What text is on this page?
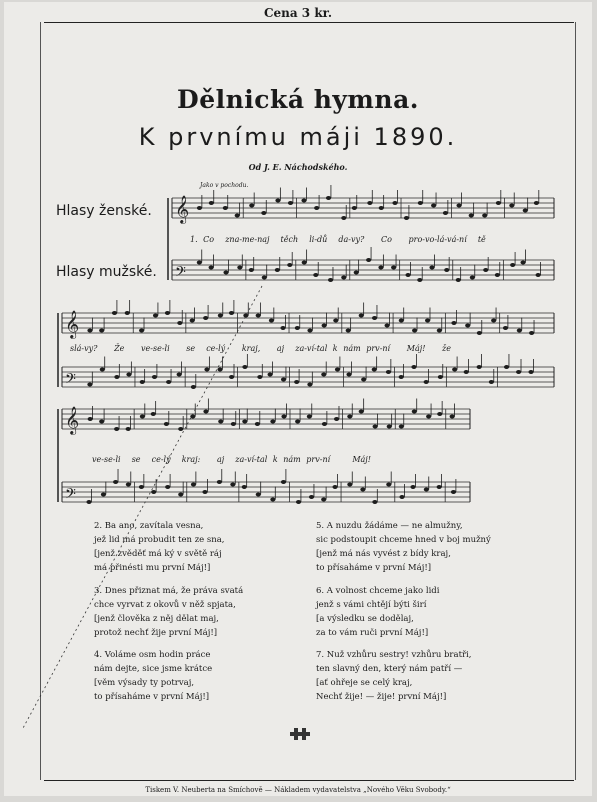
Cena 3 kr.
Dělnická hymna.
K prvnímu máji 1890.
Od J. E. Náchodského.
Jako v pochodu.
Hlasy ženské.
Hlasy mužské.
𝄞
𝄢
𝄞
𝄢
𝄞
𝄢
1. Co  zna-me-naj  těch  li-dů  da-vy?   Co   pro-vo-lá-vá-ní  tě
slá-vy?   Že   ve-se-li   se  ce-lý   kraj,   aj  za-ví-tal k nám prv-ní   Máj!   že
ve-se-li  se  ce-lý  kraj:   aj  za-ví-tal k nám prv-ní    Máj!
2. Ba ano, zavítala vesna,
jež lid má probudit ten ze sna,
[jenž zvěděť má ký v světě ráj
má přinésti mu první Máj!]
3. Dnes přiznat má, že práva svatá
chce vyrvat z okovů v něž spjata,
[jenž člověka z něj dělat maj,
protož nechť žije první Máj!]
4. Volámе osm hodin práce
nám dejte, sice jsme krátce
[věm výsady ty potrvaj,
to přísaháme v první Máj!]
5. A nuzdu žádáme — ne almužny,
sic podstoupit chceme hned v boj mužný
[jenž má nás vyvést z bídy kraj,
to přísaháme v první Máj!]
6. A volnost chceme jako lidi
jenž s vámi chtějí býti širí
[a výsledku se dodělaj,
za to vám ruči první Máj!]
7. Nuž vzhůru sestry! vzhůru bratři,
ten slavný den, který nám patří —
[ať ohřeje se celý kraj,
Nechť žije! — žije! první Máj!]
Tiskem V. Neuberta na Smíchově — Nákladem vydavatelstva „Nového Věku Svobody.“
